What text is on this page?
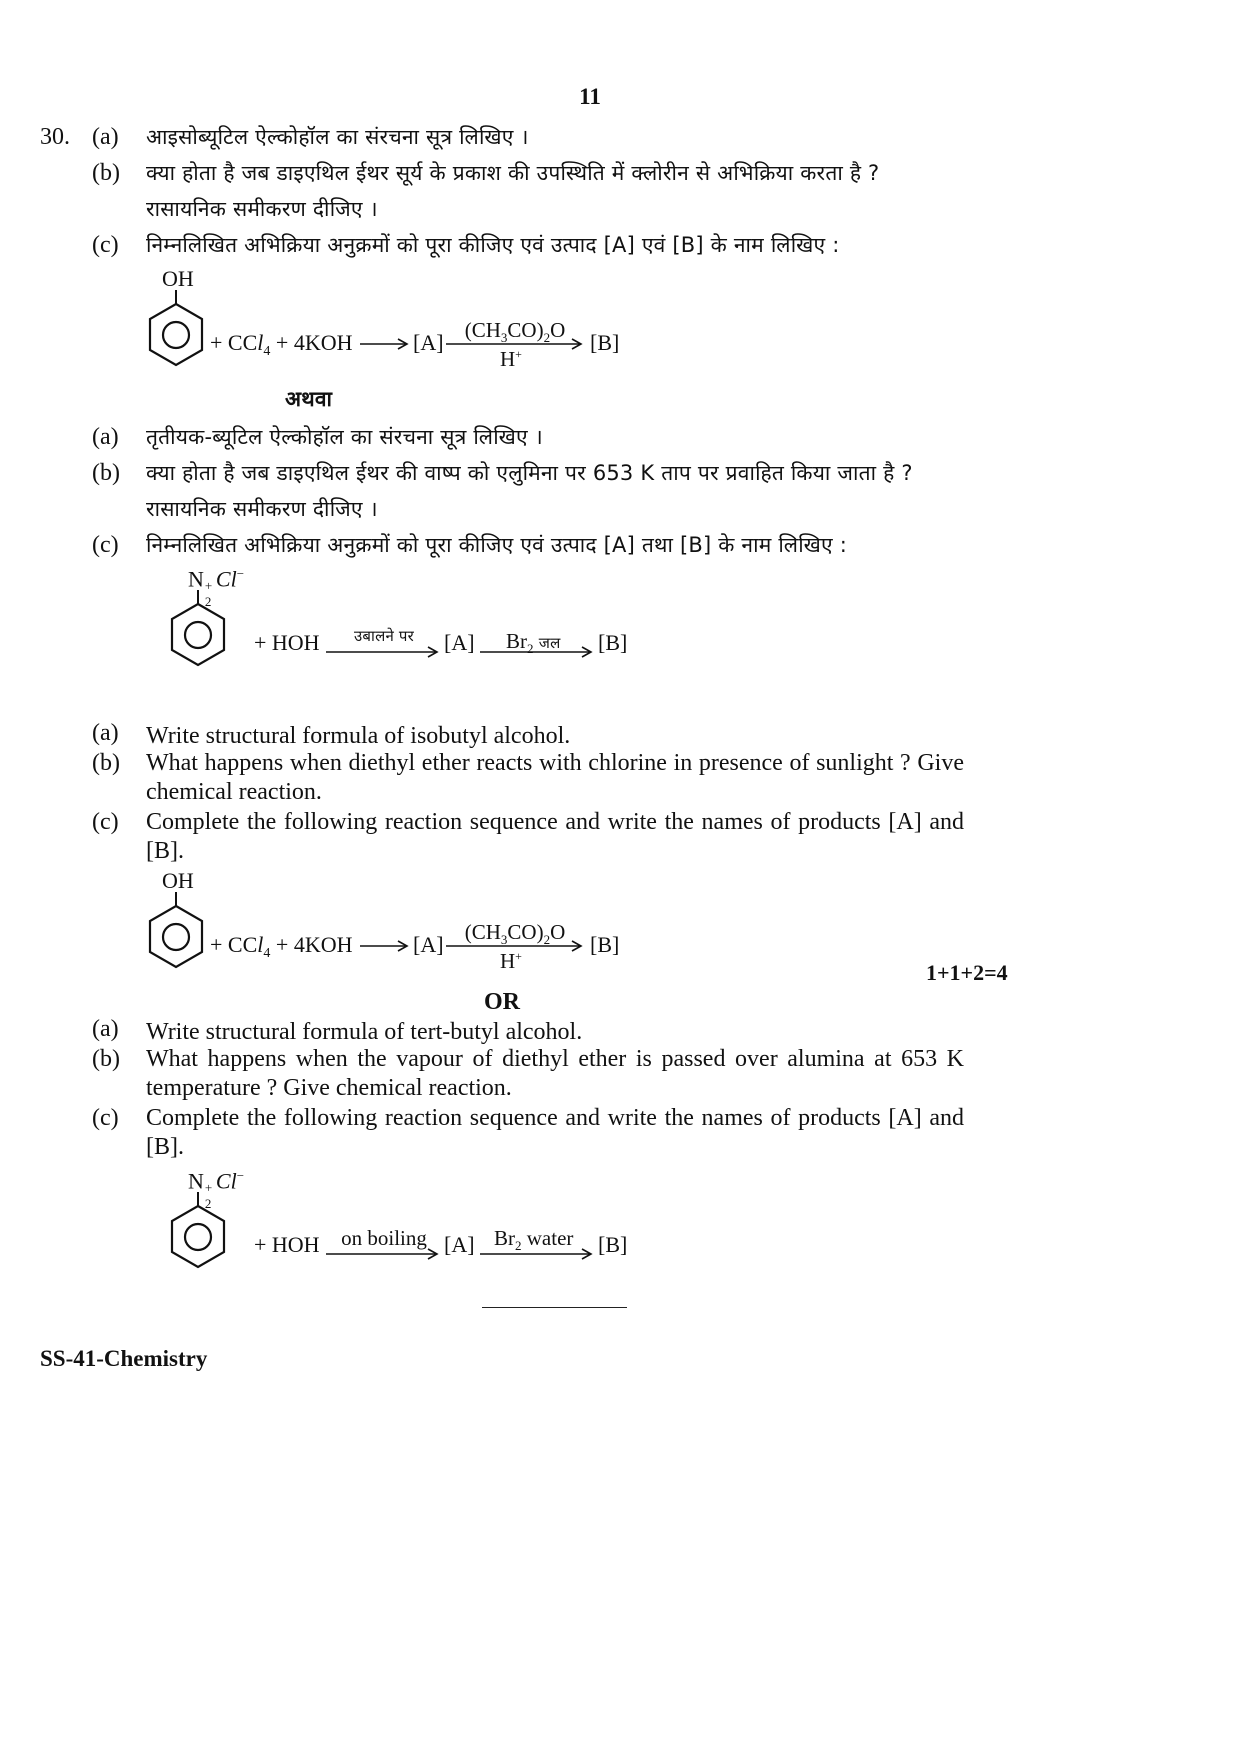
11
30. (a) आइसोब्यूटिल ऐल्कोहॉल का संरचना सूत्र लिखिए ।
(b) क्या होता है जब डाइएथिल ईथर सूर्य के प्रकाश की उपस्थिति में क्लोरीन से अभिक्रिया करता है ?
रासायनिक समीकरण दीजिए ।
(c) निम्नलिखित अभिक्रिया अनुक्रमों को पूरा कीजिए एवं उत्पाद [A] एवं [B] के नाम लिखिए :
OH
+ CCl$_4$ + 4KOH → [A] $(CH_3CO)_2O$
H+	[B]
अथवा
(a) तृतीयक-ब्यूटिल ऐल्कोहॉल का संरचना सूत्र लिखिए ।
(b) क्या होता है जब डाइएथिल ईथर की वाष्प को एलुमिना पर 653 K ताप पर प्रवाहित किया जाता है ?
रासायनिक समीकरण दीजिए ।
(c) निम्नलिखित अभिक्रिया अनुक्रमों को पूरा कीजिए एवं उत्पाद [A] तथा [B] के नाम लिखिए :
N +
2
Cl−
+ HOH	उबालने पर	[A] $Br_2$ जल [B]
(a) Write structural formula of isobutyl alcohol.
(b) What happens when diethyl ether reacts with chlorine in presence of sunlight ? Give chemical reaction.
(c) Complete the following reaction sequence and write the names of products [A] and [B].
OH
+ CCl$_4$ + 4KOH → [A] $(CH_3CO)_2O$
H+	[B]
1+1+2=4
OR
(a) Write structural formula of tert-butyl alcohol.
(b) What happens when the vapour of diethyl ether is passed over alumina at 653 K temperature ? Give chemical reaction.
(c) Complete the following reaction sequence and write the names of products [A] and [B].
N +
2
Cl−
+ HOH	on boiling [A] $Br_2$ water [B]
SS-41-Chemistry
